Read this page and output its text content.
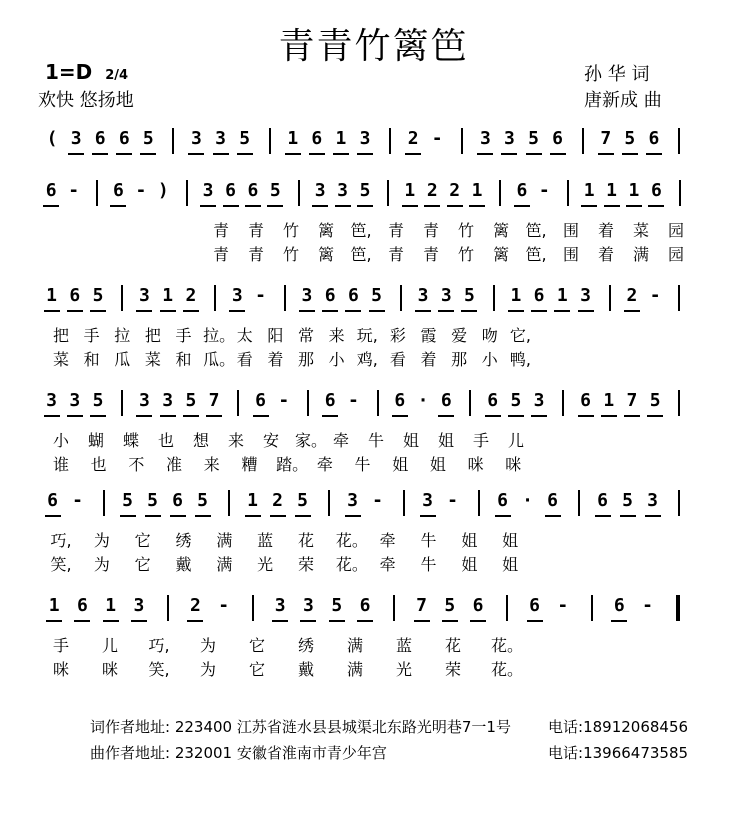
青青竹篱笆
1=D 2/4
欢快 悠扬地
孙 华 词
唐新成 曲
( 3 6 6 5	3 3 5	1 6 1 3	2 -	3 3 5 6	7 5 6
6 -	6 - )	3 6 6 5	3 3 5	1 2 2 1	6 -	1 1 1 6
青 青 竹 篱 笆, 青 青 竹 篱 笆, 围 着 菜 园
青 青 竹 篱 笆, 青 青 竹 篱 笆, 围 着 满 园
1 6 5	3 1 2	3 -	3 6 6 5	3 3 5	1 6 1 3	2 -
把 手 拉 把 手 拉。 太 阳 常 来 玩, 彩 霞 爱 吻 它,
菜 和 瓜 菜 和 瓜。 看 着 那 小 鸡, 看 着 那 小 鸭,
3 3 5	3 3 5 7	6 -	6 -	6 · 6	6 5 3	6 1 7 5
小 蝴 蝶 也 想 来 安 家。 牵 牛 姐 姐 手 儿
谁 也 不 准 来 糟 踏。 牵 牛 姐 姐 咪 咪
6 -	5 5 6 5	1 2 5	3 -	3 -	6 · 6	6 5 3
巧, 为 它 绣 满 蓝 花 花。 牵 牛 姐 姐
笑, 为 它 戴 满 光 荣 花。 牵 牛 姐 姐
1 6 1 3	2 -	3 3 5 6	7 5 6	6 -	6 -
手 儿 巧, 为 它 绣 满 蓝 花 花。
咪 咪 笑, 为 它 戴 满 光 荣 花。
词作者地址: 223400 江苏省涟水县县城渠北东路光明巷7一1号 电话:18912068456
曲作者地址: 232001 安徽省淮南市青少年宫	电话:13966473585
